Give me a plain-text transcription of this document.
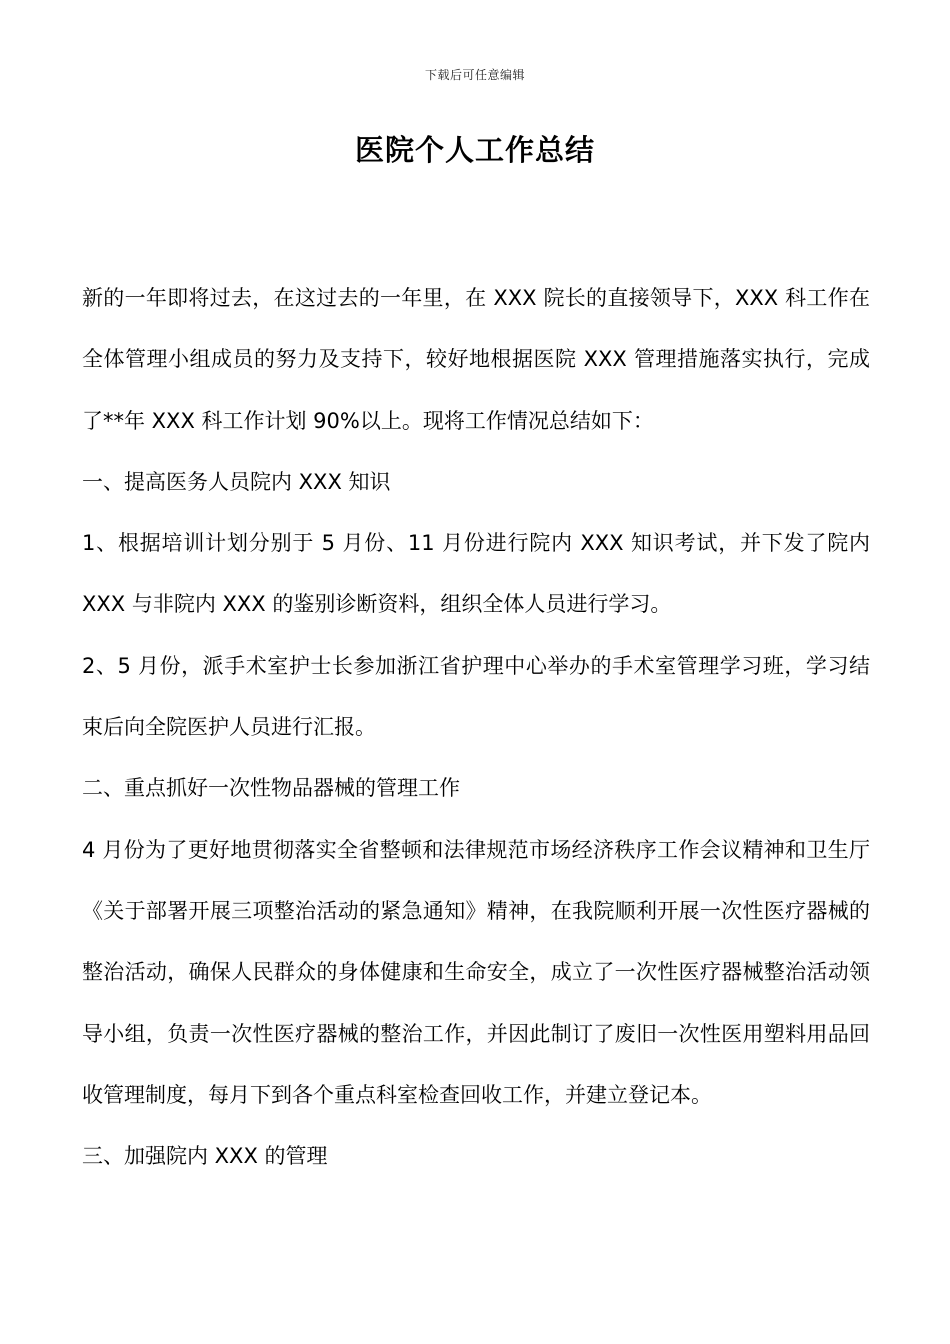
下载后可任意编辑
医院个人工作总结

新的一年即将过去，在这过去的一年里，在 XXX 院长的直接领导下，XXX 科工作在全体管理小组成员的努力及支持下，较好地根据医院 XXX 管理措施落实执行，完成了**年 XXX 科工作计划 90%以上。现将工作情况总结如下：

一、提高医务人员院内 XXX 知识

1、根据培训计划分别于 5 月份、11 月份进行院内 XXX 知识考试，并下发了院内 XXX 与非院内 XXX 的鉴别诊断资料，组织全体人员进行学习。

2、5 月份，派手术室护士长参加浙江省护理中心举办的手术室管理学习班，学习结束后向全院医护人员进行汇报。

二、重点抓好一次性物品器械的管理工作

4 月份为了更好地贯彻落实全省整顿和法律规范市场经济秩序工作会议精神和卫生厅《关于部署开展三项整治活动的紧急通知》精神，在我院顺利开展一次性医疗器械的整治活动，确保人民群众的身体健康和生命安全，成立了一次性医疗器械整治活动领导小组，负责一次性医疗器械的整治工作，并因此制订了废旧一次性医用塑料用品回收管理制度，每月下到各个重点科室检查回收工作，并建立登记本。

三、加强院内 XXX 的管理
